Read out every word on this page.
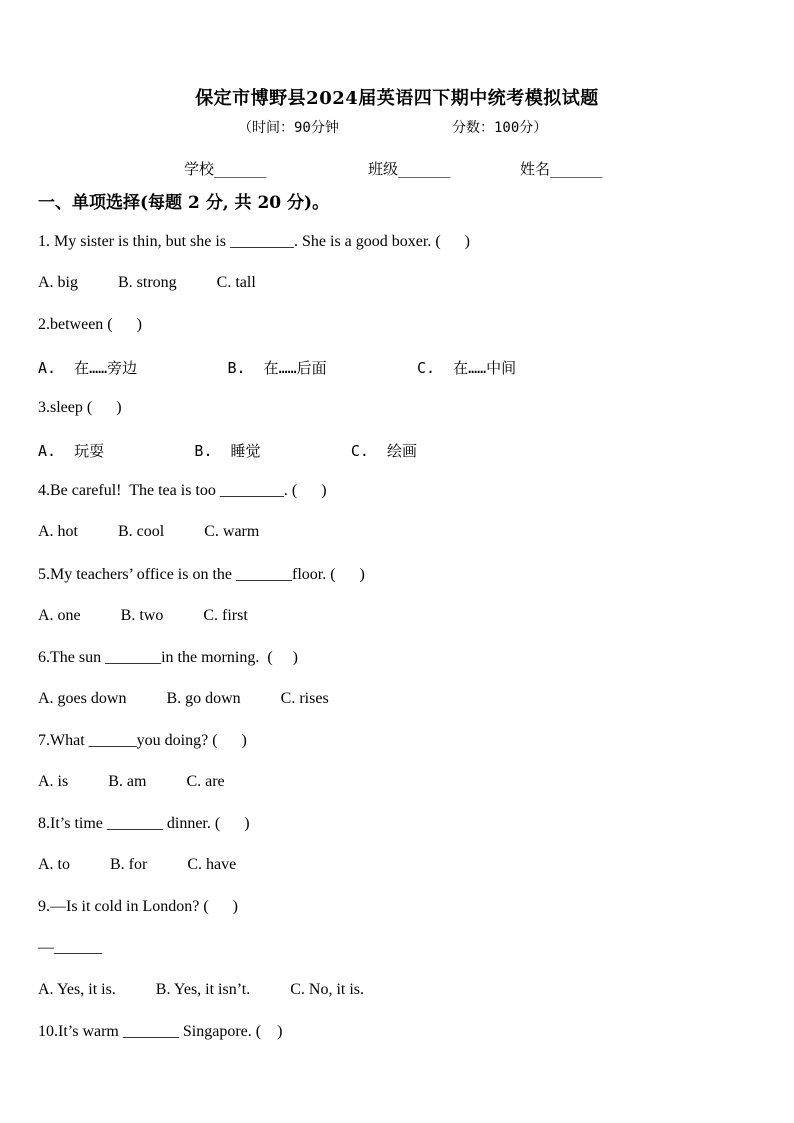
保定市博野县2024届英语四下期中统考模拟试题
（时间：90分钟	分数：100分）
学校_______	班级_______	姓名_______
一、单项选择(每题 2 分, 共 20 分)。
1. My sister is thin, but she is ________. She is a good boxer. (      )
A. big          B. strong          C. tall
2.between (      )
A.  在……旁边          B.  在……后面          C.  在……中间
3.sleep (      )
A.  玩耍          B.  睡觉          C.  绘画
4.Be careful!  The tea is too ________. (      )
A. hot          B. cool          C. warm
5.My teachers’ office is on the _______floor. (      )
A. one          B. two          C. first
6.The sun _______in the morning.  (     )
A. goes down          B. go down          C. rises
7.What ______you doing? (      )
A. is          B. am          C. are
8.It’s time _______ dinner. (      )
A. to          B. for          C. have
9.—Is it cold in London? (      )
—______
A. Yes, it is.          B. Yes, it isn’t.          C. No, it is.
10.It’s warm _______ Singapore. (    )
